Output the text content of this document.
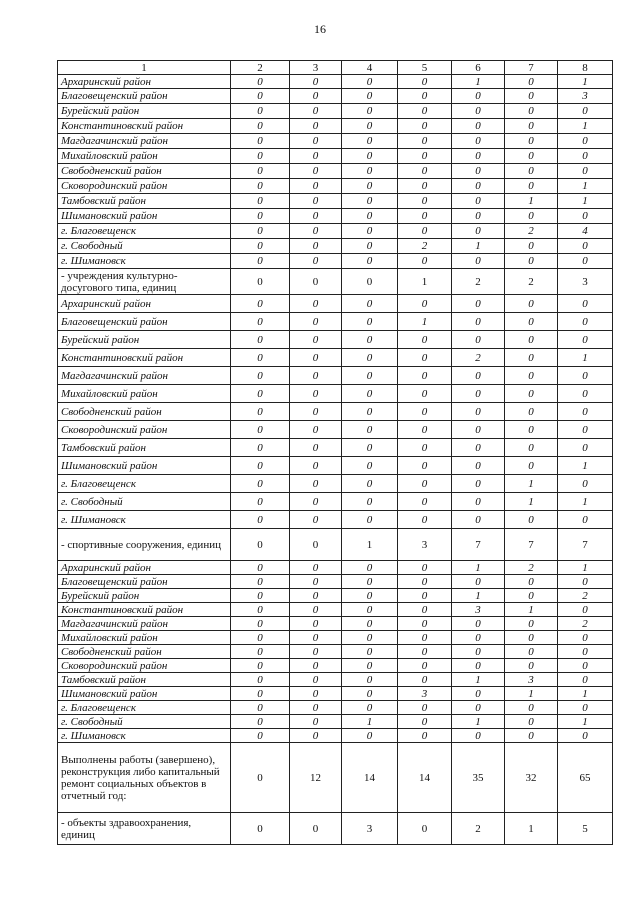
16
1	2	3	4	5	6	7	8
Архаринский район	0	0	0	0	1	0	1
Благовещенский район	0	0	0	0	0	0	3
Бурейский район	0	0	0	0	0	0	0
Константиновский район	0	0	0	0	0	0	1
Магдагачинский район	0	0	0	0	0	0	0
Михайловский район	0	0	0	0	0	0	0
Свободненский район	0	0	0	0	0	0	0
Сковородинский район	0	0	0	0	0	0	1
Тамбовский район	0	0	0	0	0	1	1
Шимановский район	0	0	0	0	0	0	0
г. Благовещенск	0	0	0	0	0	2	4
г. Свободный	0	0	0	2	1	0	0
г. Шимановск	0	0	0	0	0	0	0
- учреждения культурно-досугового типа, единиц	0	0	0	1	2	2	3
Архаринский район	0	0	0	0	0	0	0
Благовещенский район	0	0	0	1	0	0	0
Бурейский район	0	0	0	0	0	0	0
Константиновский район	0	0	0	0	2	0	1
Магдагачинский район	0	0	0	0	0	0	0
Михайловский район	0	0	0	0	0	0	0
Свободненский район	0	0	0	0	0	0	0
Сковородинский район	0	0	0	0	0	0	0
Тамбовский район	0	0	0	0	0	0	0
Шимановский район	0	0	0	0	0	0	1
г. Благовещенск	0	0	0	0	0	1	0
г. Свободный	0	0	0	0	0	1	1
г. Шимановск	0	0	0	0	0	0	0
- спортивные сооружения, единиц	0	0	1	3	7	7	7
Архаринский район	0	0	0	0	1	2	1
Благовещенский район	0	0	0	0	0	0	0
Бурейский район	0	0	0	0	1	0	2
Константиновский район	0	0	0	0	3	1	0
Магдагачинский район	0	0	0	0	0	0	2
Михайловский район	0	0	0	0	0	0	0
Свободненский район	0	0	0	0	0	0	0
Сковородинский район	0	0	0	0	0	0	0
Тамбовский район	0	0	0	0	1	3	0
Шимановский район	0	0	0	3	0	1	1
г. Благовещенск	0	0	0	0	0	0	0
г. Свободный	0	0	1	0	1	0	1
г. Шимановск	0	0	0	0	0	0	0
Выполнены работы (завершено), реконструкция либо капитальный ремонт социальных объектов в отчетный год:	0	12	14	14	35	32	65
- объекты здравоохранения, единиц	0	0	3	0	2	1	5
